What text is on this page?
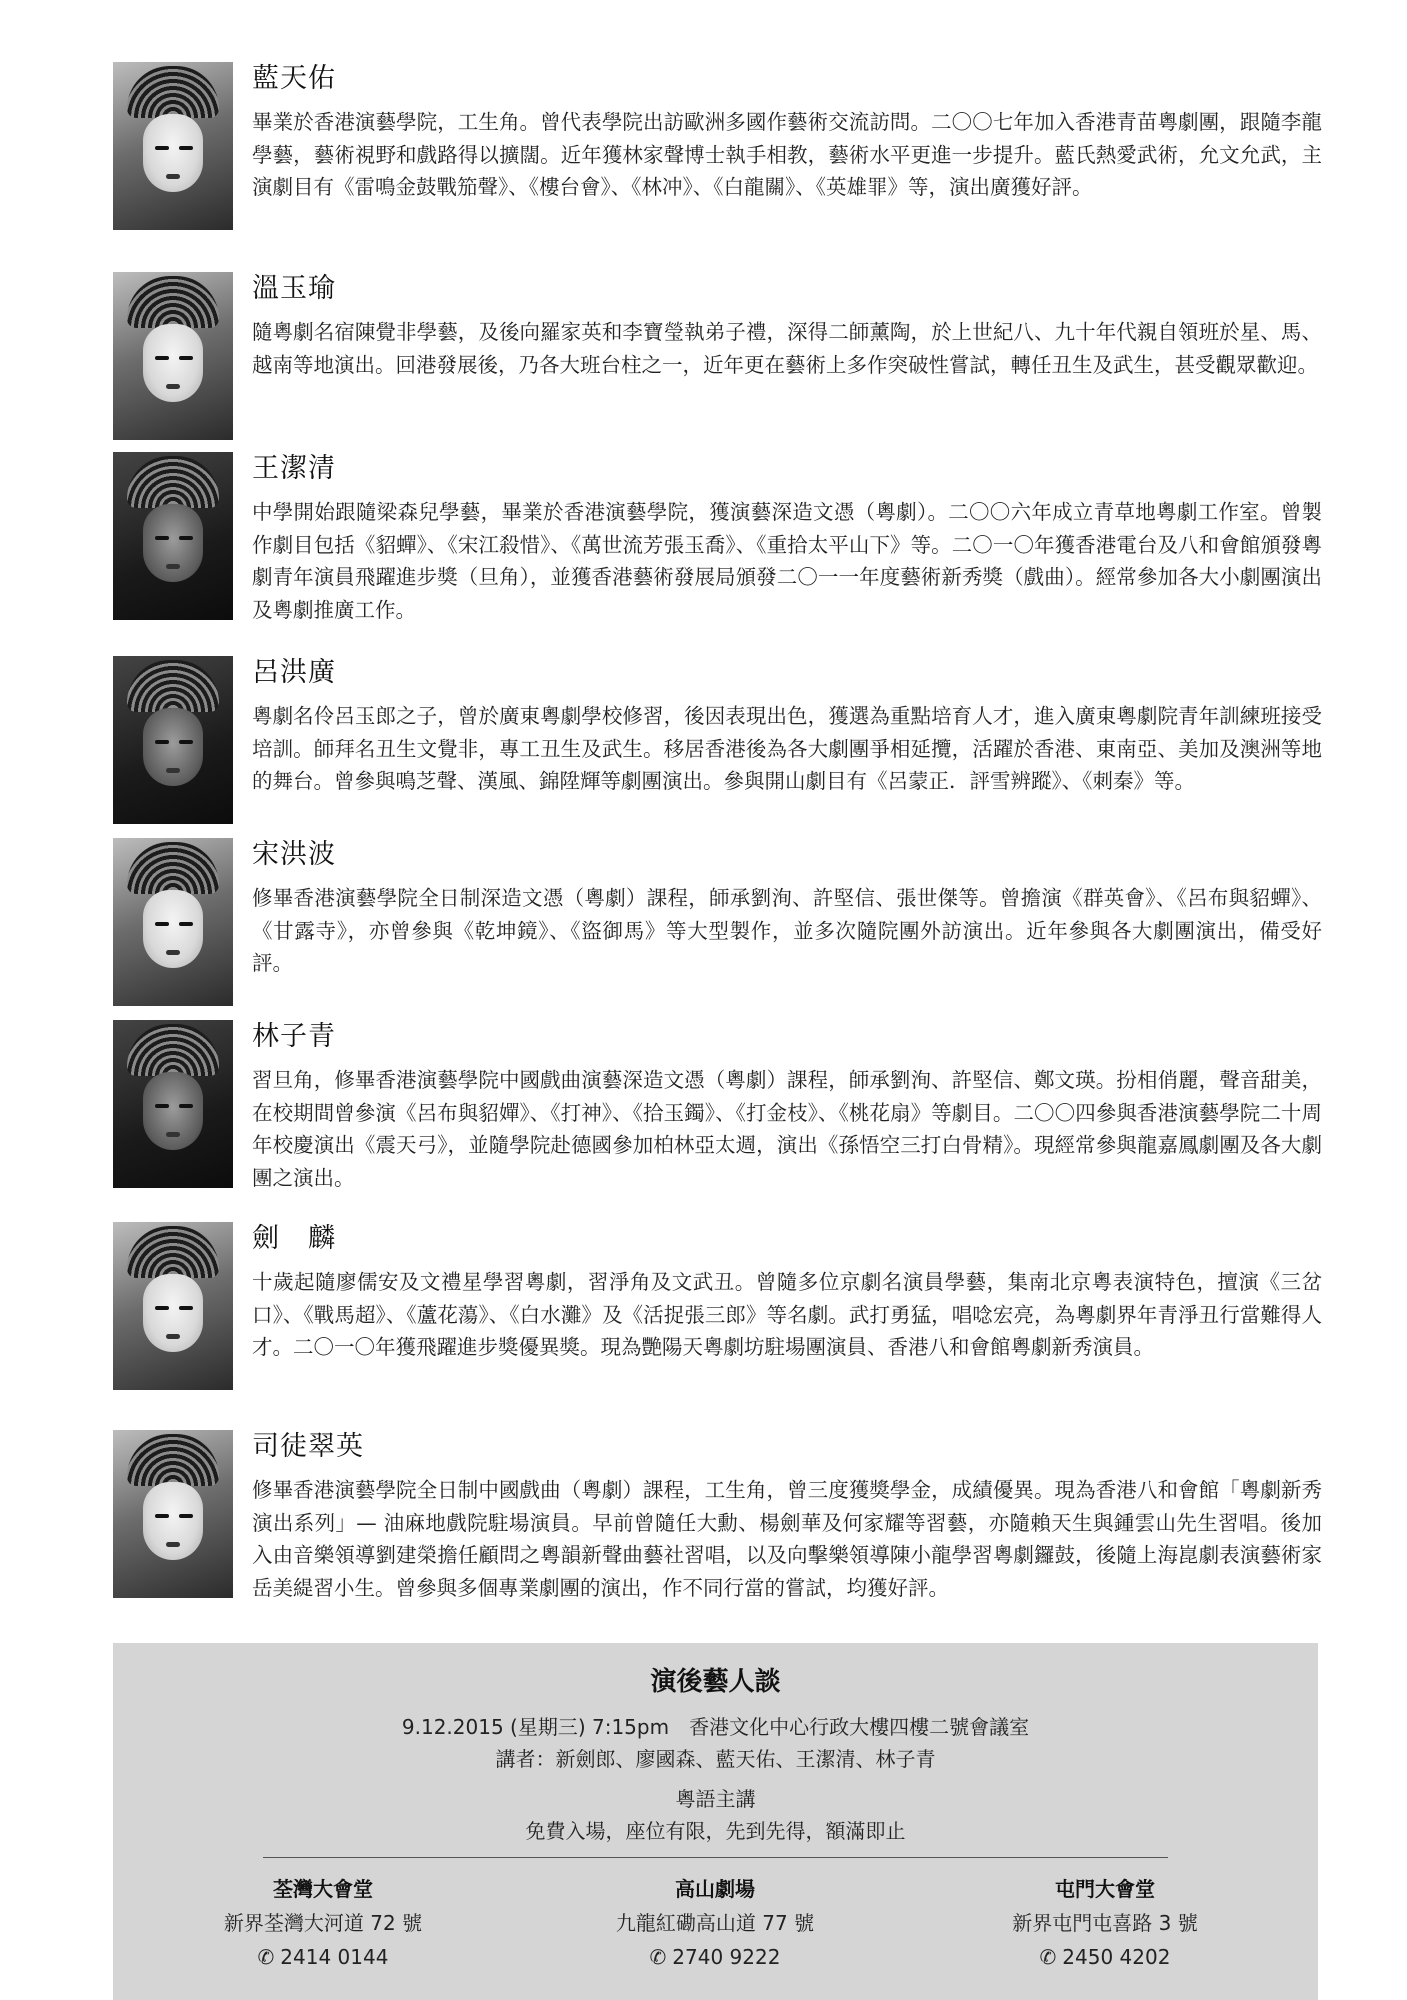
藍天佑
畢業於香港演藝學院，工生角。曾代表學院出訪歐洲多國作藝術交流訪問。二〇〇七年加入香港青苗粵劇團，跟隨李龍學藝，藝術視野和戲路得以擴闊。近年獲林家聲博士執手相教，藝術水平更進一步提升。藍氏熱愛武術，允文允武，主演劇目有《雷鳴金鼓戰笳聲》、《樓台會》、《林冲》、《白龍關》、《英雄罪》等，演出廣獲好評。
溫玉瑜
隨粵劇名宿陳覺非學藝，及後向羅家英和李寶瑩執弟子禮，深得二師薰陶，於上世紀八、九十年代親自領班於星、馬、越南等地演出。回港發展後，乃各大班台柱之一，近年更在藝術上多作突破性嘗試，轉任丑生及武生，甚受觀眾歡迎。
王潔清
中學開始跟隨梁森兒學藝，畢業於香港演藝學院，獲演藝深造文憑（粵劇）。二〇〇六年成立青草地粵劇工作室。曾製作劇目包括《貂蟬》、《宋江殺惜》、《萬世流芳張玉喬》、《重拾太平山下》等。二〇一〇年獲香港電台及八和會館頒發粵劇青年演員飛躍進步獎（旦角），並獲香港藝術發展局頒發二〇一一年度藝術新秀獎（戲曲）。經常參加各大小劇團演出及粵劇推廣工作。
呂洪廣
粵劇名伶呂玉郎之子，曾於廣東粵劇學校修習，後因表現出色，獲選為重點培育人才，進入廣東粵劇院青年訓練班接受培訓。師拜名丑生文覺非，專工丑生及武生。移居香港後為各大劇團爭相延攬，活躍於香港、東南亞、美加及澳洲等地的舞台。曾參與鳴芝聲、漢風、錦陞輝等劇團演出。參與開山劇目有《呂蒙正．評雪辨蹤》、《刺秦》等。
宋洪波
修畢香港演藝學院全日制深造文憑（粵劇）課程，師承劉洵、許堅信、張世傑等。曾擔演《群英會》、《呂布與貂蟬》、《甘露寺》，亦曾參與《乾坤鏡》、《盜御馬》等大型製作，並多次隨院團外訪演出。近年參與各大劇團演出，備受好評。
林子青
習旦角，修畢香港演藝學院中國戲曲演藝深造文憑（粵劇）課程，師承劉洵、許堅信、鄭文瑛。扮相俏麗，聲音甜美，在校期間曾參演《呂布與貂嬋》、《打神》、《拾玉鐲》、《打金枝》、《桃花扇》等劇目。二〇〇四參與香港演藝學院二十周年校慶演出《震天弓》，並隨學院赴德國參加柏林亞太週，演出《孫悟空三打白骨精》。現經常參與龍嘉鳳劇團及各大劇團之演出。
劍　麟
十歲起隨廖儒安及文禮星學習粵劇，習淨角及文武丑。曾隨多位京劇名演員學藝，集南北京粵表演特色，擅演《三岔口》、《戰馬超》、《蘆花蕩》、《白水灘》及《活捉張三郎》等名劇。武打勇猛，唱唸宏亮，為粵劇界年青淨丑行當難得人才。二〇一〇年獲飛躍進步獎優異獎。現為艷陽天粵劇坊駐場團演員、香港八和會館粵劇新秀演員。
司徒翠英
修畢香港演藝學院全日制中國戲曲（粵劇）課程，工生角，曾三度獲獎學金，成績優異。現為香港八和會館「粵劇新秀演出系列」— 油麻地戲院駐場演員。早前曾隨任大勳、楊劍華及何家耀等習藝，亦隨賴天生與鍾雲山先生習唱。後加入由音樂領導劉建榮擔任顧問之粵韻新聲曲藝社習唱，以及向擊樂領導陳小龍學習粵劇鑼鼓，後隨上海崑劇表演藝術家岳美緹習小生。曾參與多個專業劇團的演出，作不同行當的嘗試，均獲好評。
演後藝人談
9.12.2015 (星期三) 7:15pm　香港文化中心行政大樓四樓二號會議室
講者：新劍郎、廖國森、藍天佑、王潔清、林子青
粵語主講
免費入場，座位有限，先到先得，額滿即止
荃灣大會堂
新界荃灣大河道 72 號
✆ 2414 0144
高山劇場
九龍紅磡高山道 77 號
✆ 2740 9222
屯門大會堂
新界屯門屯喜路 3 號
✆ 2450 4202
